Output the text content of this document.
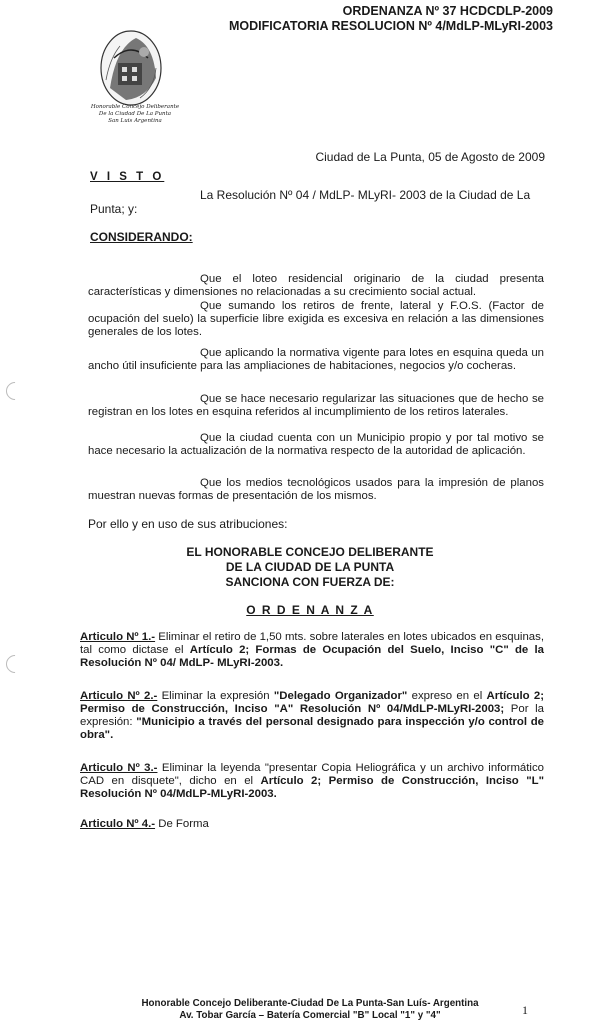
ORDENANZA Nº 37 HCDCDLP-2009
MODIFICATORIA RESOLUCION Nº 4/MdLP-MLyRI-2003
Honorable Concejo Deliberante
De la Ciudad De La Punta
San Luis Argentina
Ciudad de La Punta, 05 de Agosto de 2009
V I S T O
La Resolución Nº 04 / MdLP- MLyRI- 2003 de la Ciudad de La
Punta; y:
CONSIDERANDO:
Que el loteo residencial originario de la ciudad presenta características y dimensiones no relacionadas a su crecimiento social actual.
Que sumando los retiros de frente, lateral y F.O.S. (Factor de ocupación del suelo) la superficie libre exigida es excesiva en relación a las dimensiones generales de los lotes.
Que aplicando la normativa vigente para lotes en esquina queda un ancho útil insuficiente para las ampliaciones de habitaciones, negocios y/o cocheras.
Que se hace necesario regularizar las situaciones que de hecho se registran en los lotes en esquina referidos al incumplimiento de los retiros laterales.
Que la ciudad cuenta con un Municipio propio y por tal motivo se hace necesario la actualización de la normativa respecto de la autoridad de aplicación.
Que los medios tecnológicos usados para la impresión de planos muestran nuevas formas de presentación de los mismos.
Por ello y en uso de sus atribuciones:
EL HONORABLE CONCEJO DELIBERANTE
DE LA CIUDAD DE LA PUNTA
SANCIONA CON FUERZA DE:
O R D E N A N Z A
Articulo Nº 1.- Eliminar el retiro de 1,50 mts. sobre laterales en lotes ubicados en esquinas, tal como dictase el Artículo 2; Formas de Ocupación del Suelo, Inciso "C" de la Resolución Nº 04/ MdLP- MLyRI-2003.
Articulo Nº 2.- Eliminar la expresión "Delegado Organizador" expreso en el Artículo 2; Permiso de Construcción, Inciso "A" Resolución Nº 04/MdLP-MLyRI-2003; Por la expresión: "Municipio a través del personal designado para inspección y/o control de obra".
Articulo Nº 3.- Eliminar la leyenda "presentar Copia Heliográfica y un archivo informático CAD en disquete", dicho en el Artículo 2; Permiso de Construcción, Inciso "L" Resolución Nº 04/MdLP-MLyRI-2003.
Articulo Nº 4.- De Forma
Honorable Concejo Deliberante-Ciudad De La Punta-San Luís- Argentina
Av. Tobar García – Batería Comercial "B" Local "1" y "4"	1
